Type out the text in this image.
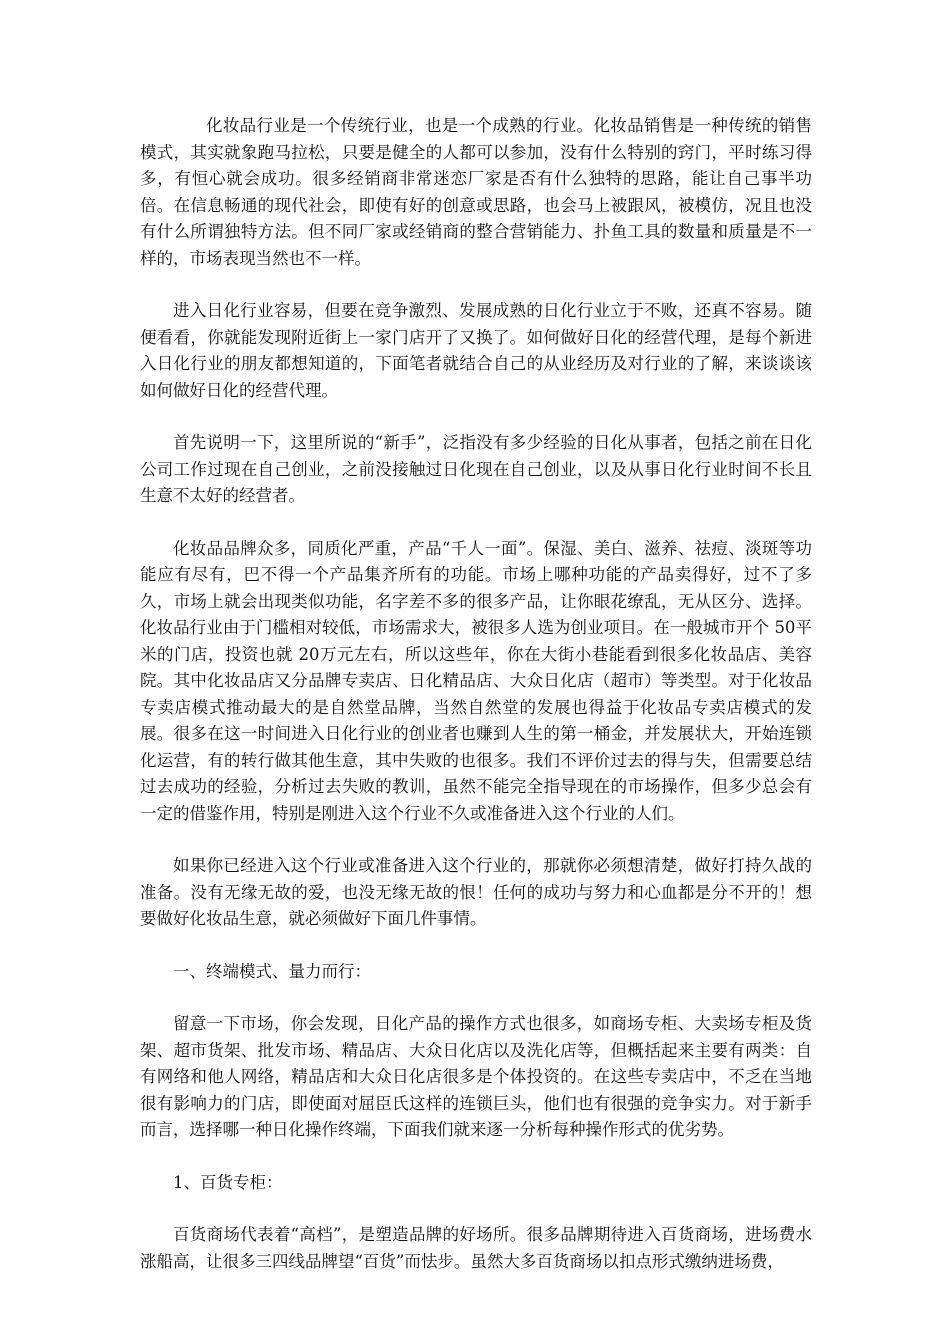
化妆品行业是一个传统行业，也是一个成熟的行业。化妆品销售是一种传统的销售模式，其实就象跑马拉松，只要是健全的人都可以参加，没有什么特别的窍门，平时练习得多，有恒心就会成功。很多经销商非常迷恋厂家是否有什么独特的思路，能让自己事半功倍。在信息畅通的现代社会，即使有好的创意或思路，也会马上被跟风，被模仿，况且也没有什么所谓独特方法。但不同厂家或经销商的整合营销能力、扑鱼工具的数量和质量是不一样的，市场表现当然也不一样。

进入日化行业容易，但要在竞争激烈、发展成熟的日化行业立于不败，还真不容易。随便看看，你就能发现附近街上一家门店开了又换了。如何做好日化的经营代理，是每个新进入日化行业的朋友都想知道的，下面笔者就结合自己的从业经历及对行业的了解，来谈谈该如何做好日化的经营代理。

首先说明一下，这里所说的“新手”，泛指没有多少经验的日化从事者，包括之前在日化公司工作过现在自己创业，之前没接触过日化现在自己创业，以及从事日化行业时间不长且生意不太好的经营者。

化妆品品牌众多，同质化严重，产品“千人一面”。保湿、美白、滋养、祛痘、淡斑等功能应有尽有，巴不得一个产品集齐所有的功能。市场上哪种功能的产品卖得好，过不了多久，市场上就会出现类似功能，名字差不多的很多产品，让你眼花缭乱，无从区分、选择。化妆品行业由于门槛相对较低，市场需求大，被很多人选为创业项目。在一般城市开个 50平米的门店，投资也就 20万元左右，所以这些年，你在大街小巷能看到很多化妆品店、美容院。其中化妆品店又分品牌专卖店、日化精品店、大众日化店（超市）等类型。对于化妆品专卖店模式推动最大的是自然堂品牌，当然自然堂的发展也得益于化妆品专卖店模式的发展。很多在这一时间进入日化行业的创业者也赚到人生的第一桶金，并发展状大，开始连锁化运营，有的转行做其他生意，其中失败的也很多。我们不评价过去的得与失，但需要总结过去成功的经验，分析过去失败的教训，虽然不能完全指导现在的市场操作，但多少总会有一定的借鉴作用，特别是刚进入这个行业不久或准备进入这个行业的人们。

如果你已经进入这个行业或准备进入这个行业的，那就你必须想清楚，做好打持久战的准备。没有无缘无故的爱，也没无缘无故的恨！任何的成功与努力和心血都是分不开的！想要做好化妆品生意，就必须做好下面几件事情。

一、终端模式、量力而行：

留意一下市场，你会发现，日化产品的操作方式也很多，如商场专柜、大卖场专柜及货架、超市货架、批发市场、精品店、大众日化店以及洗化店等，但概括起来主要有两类：自有网络和他人网络，精品店和大众日化店很多是个体投资的。在这些专卖店中，不乏在当地很有影响力的门店，即使面对屈臣氏这样的连锁巨头，他们也有很强的竞争实力。对于新手而言，选择哪一种日化操作终端，下面我们就来逐一分析每种操作形式的优劣势。

1、百货专柜：

百货商场代表着“高档”，是塑造品牌的好场所。很多品牌期待进入百货商场，进场费水涨船高，让很多三四线品牌望“百货”而怯步。虽然大多百货商场以扣点形式缴纳进场费，
